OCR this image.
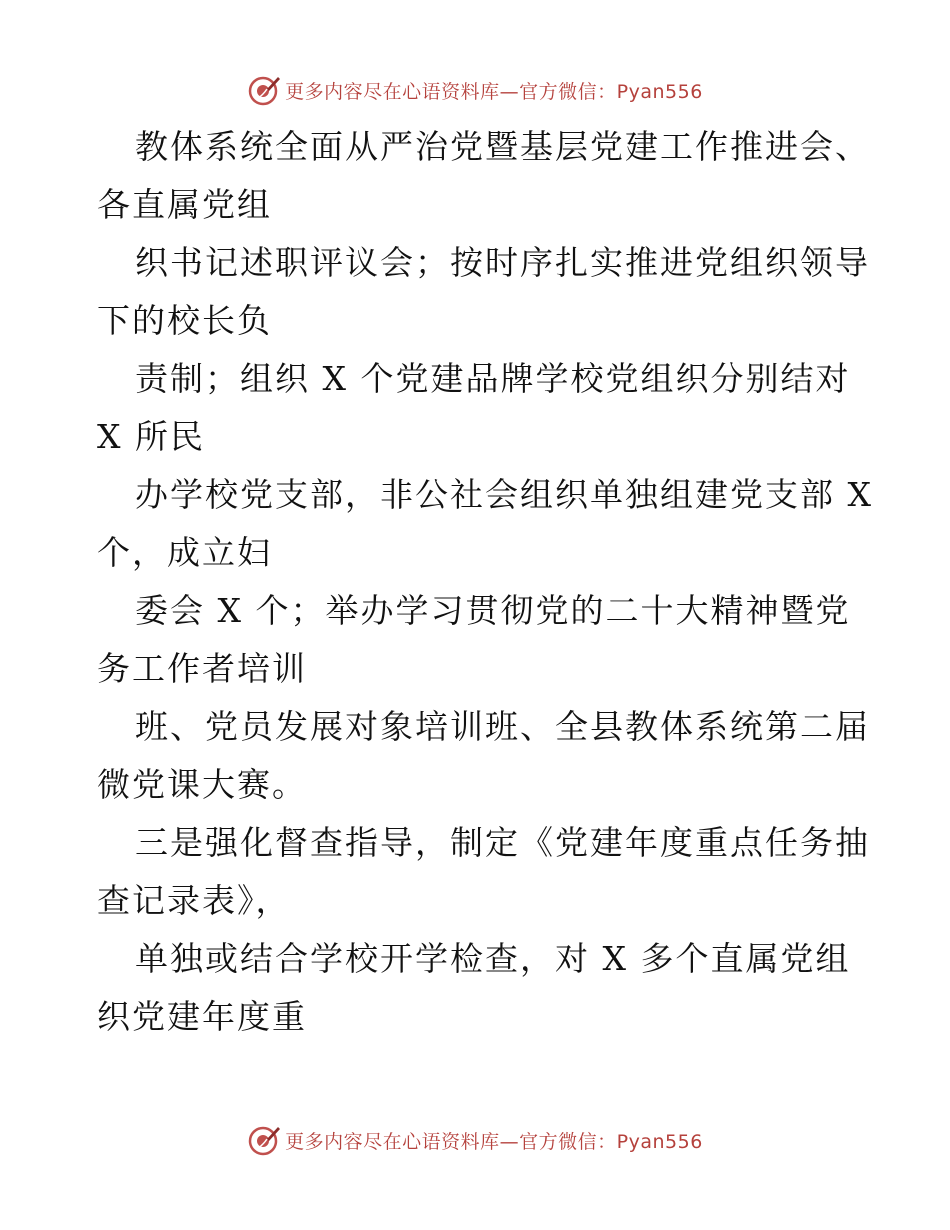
更多内容尽在心语资料库—官方微信：Pyan556
教体系统全面从严治党暨基层党建工作推进会、
各直属党组
织书记述职评议会；按时序扎实推进党组织领导
下的校长负
责制；组织 X 个党建品牌学校党组织分别结对
X 所民
办学校党支部，非公社会组织单独组建党支部 X
个，成立妇
委会 X 个；举办学习贯彻党的二十大精神暨党
务工作者培训
班、党员发展对象培训班、全县教体系统第二届
微党课大赛。
三是强化督查指导，制定《党建年度重点任务抽
查记录表》，
单独或结合学校开学检查，对 X 多个直属党组
织党建年度重
更多内容尽在心语资料库—官方微信：Pyan556
